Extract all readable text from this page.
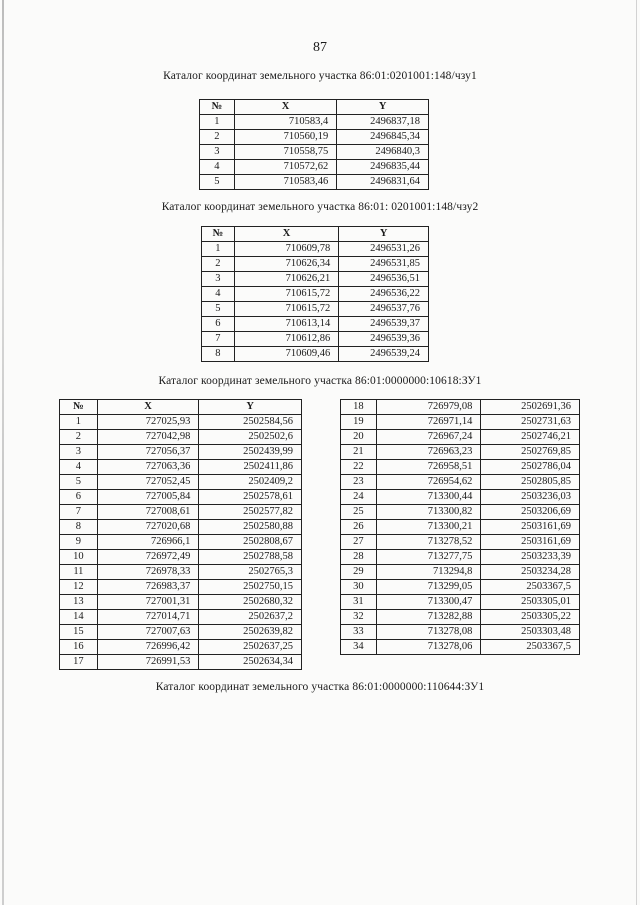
87
Каталог координат земельного участка 86:01:0201001:148/чзу1
№	X	Y
1	710583,4	2496837,18
2	710560,19	2496845,34
3	710558,75	2496840,3
4	710572,62	2496835,44
5	710583,46	2496831,64
Каталог координат земельного участка 86:01: 0201001:148/чзу2
№	X	Y
1	710609,78	2496531,26
2	710626,34	2496531,85
3	710626,21	2496536,51
4	710615,72	2496536,22
5	710615,72	2496537,76
6	710613,14	2496539,37
7	710612,86	2496539,36
8	710609,46	2496539,24
Каталог координат земельного участка 86:01:0000000:10618:ЗУ1
№	X	Y
1	727025,93	2502584,56
2	727042,98	2502502,6
3	727056,37	2502439,99
4	727063,36	2502411,86
5	727052,45	2502409,2
6	727005,84	2502578,61
7	727008,61	2502577,82
8	727020,68	2502580,88
9	726966,1	2502808,67
10	726972,49	2502788,58
11	726978,33	2502765,3
12	726983,37	2502750,15
13	727001,31	2502680,32
14	727014,71	2502637,2
15	727007,63	2502639,82
16	726996,42	2502637,25
17	726991,53	2502634,34
18	726979,08	2502691,36
19	726971,14	2502731,63
20	726967,24	2502746,21
21	726963,23	2502769,85
22	726958,51	2502786,04
23	726954,62	2502805,85
24	713300,44	2503236,03
25	713300,82	2503206,69
26	713300,21	2503161,69
27	713278,52	2503161,69
28	713277,75	2503233,39
29	713294,8	2503234,28
30	713299,05	2503367,5
31	713300,47	2503305,01
32	713282,88	2503305,22
33	713278,08	2503303,48
34	713278,06	2503367,5
Каталог координат земельного участка 86:01:0000000:110644:ЗУ1
